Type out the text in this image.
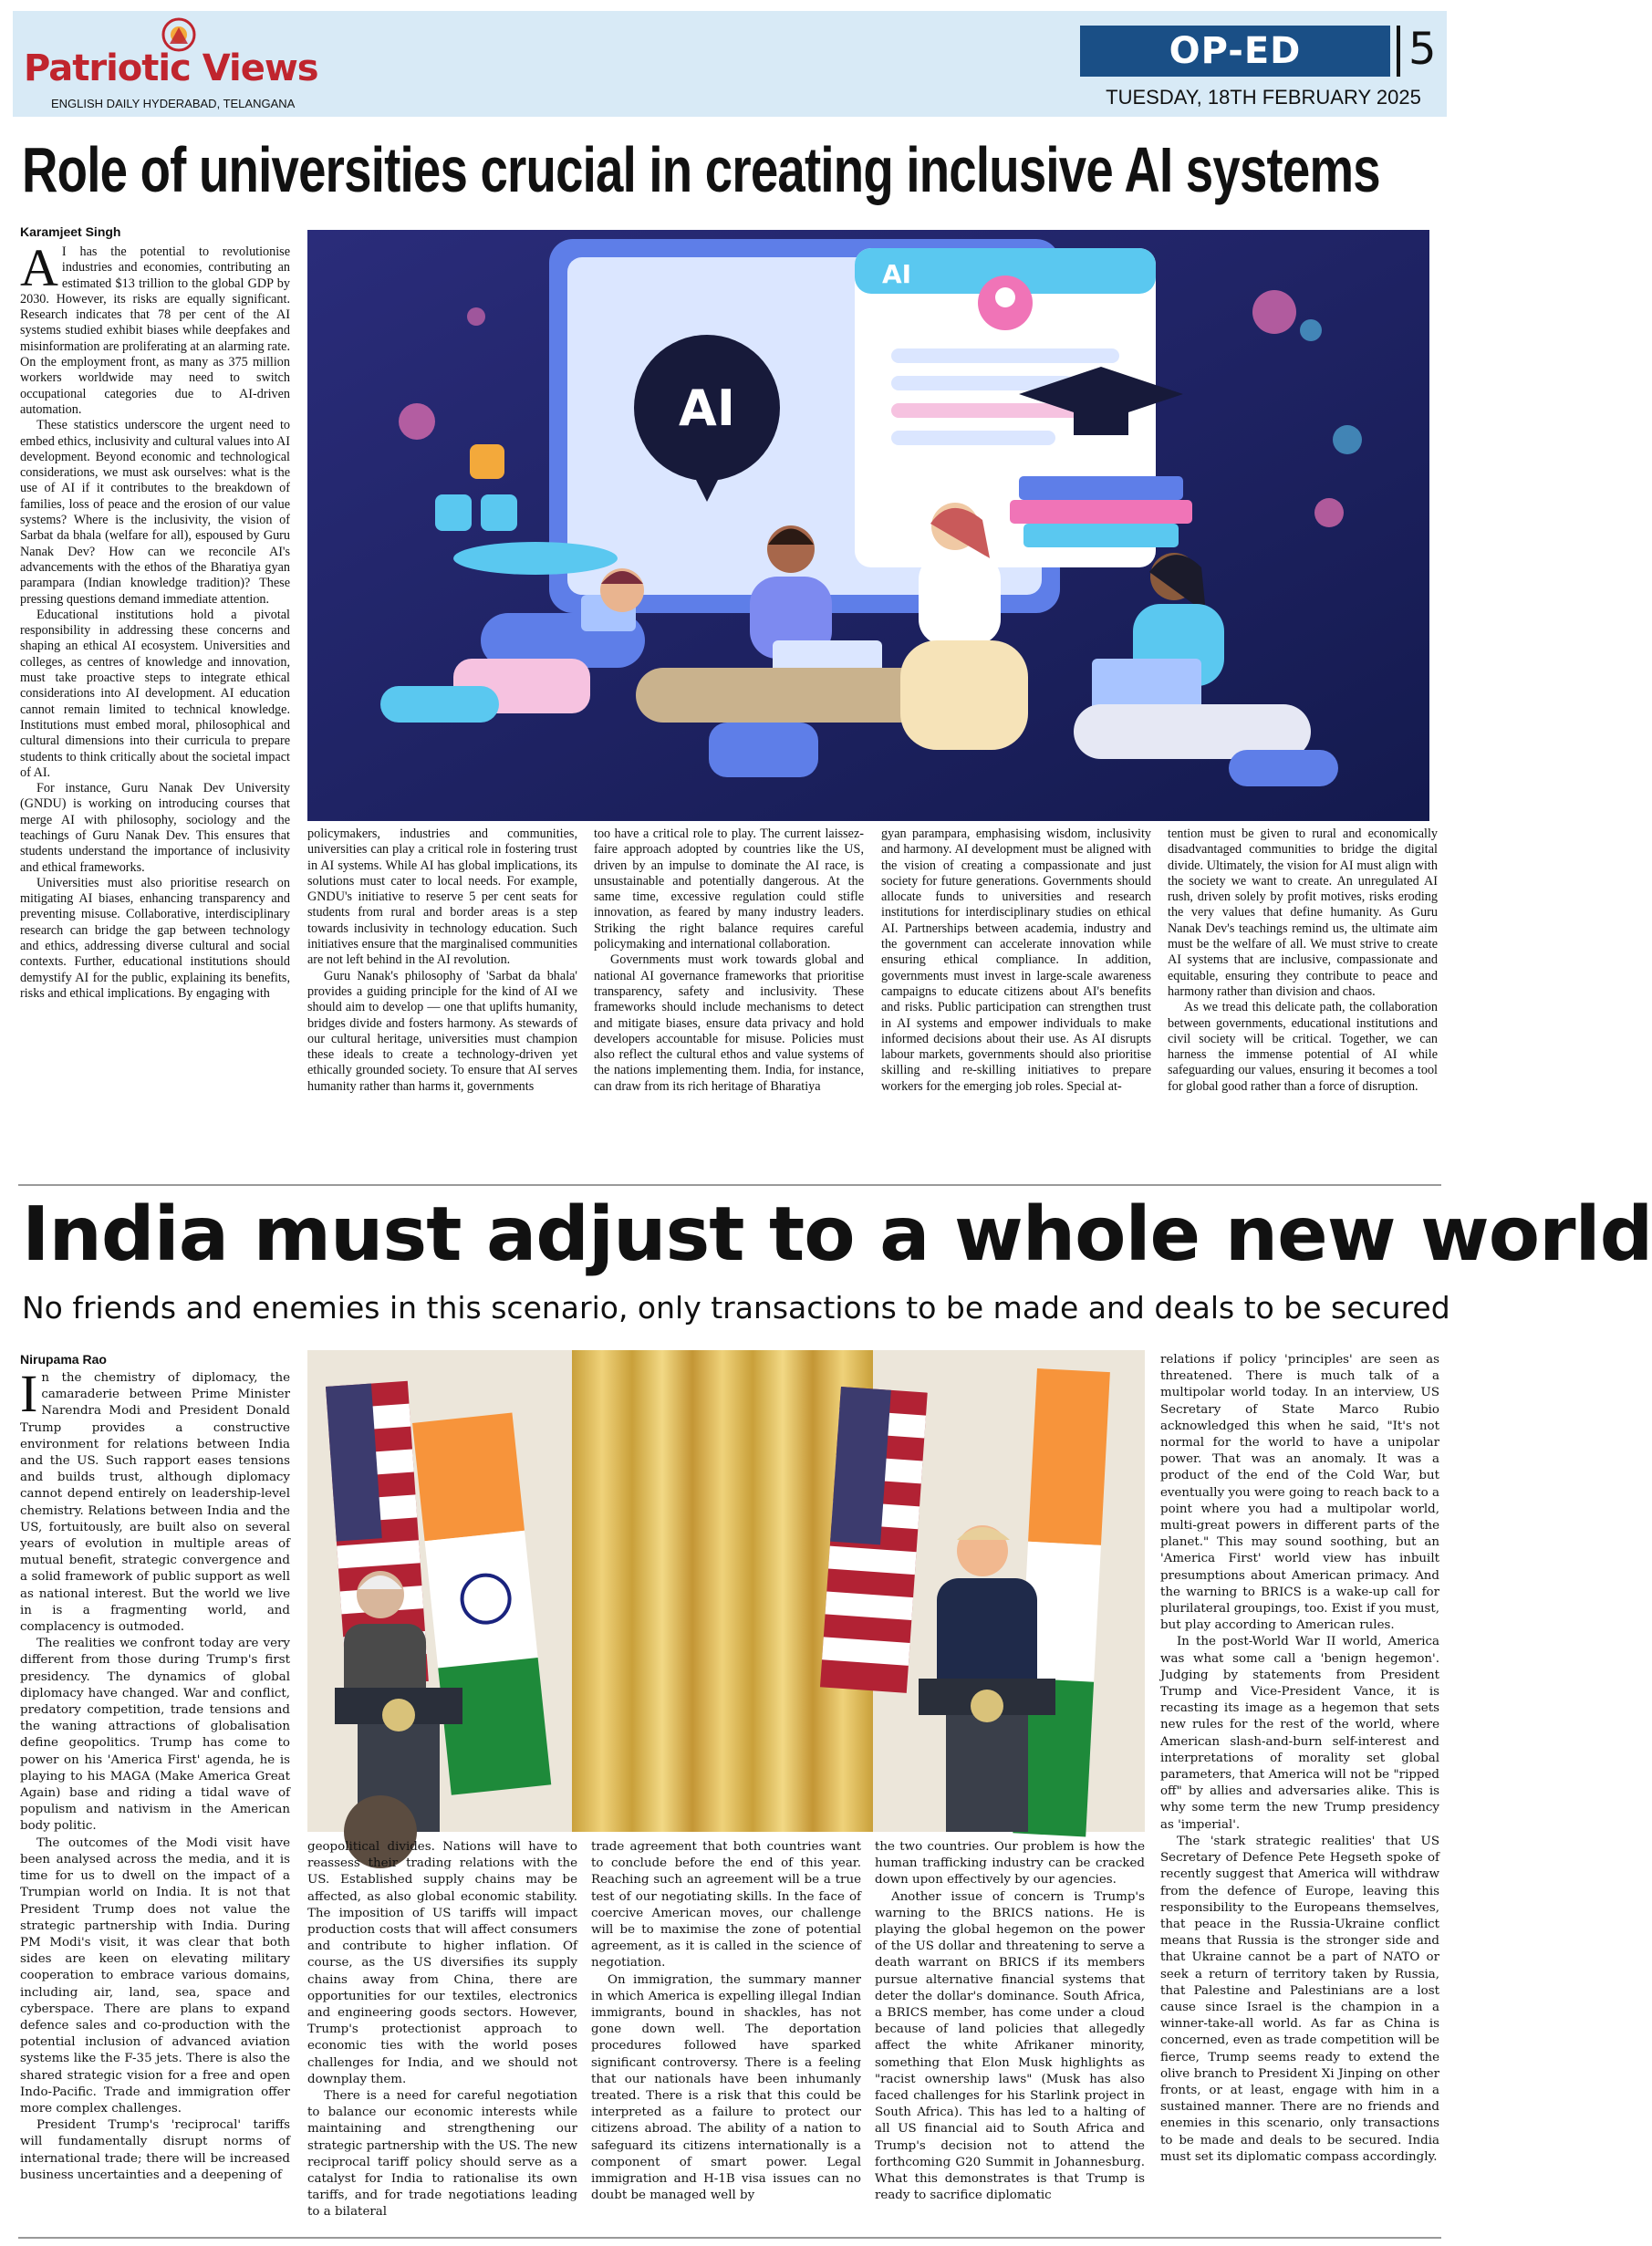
Patriotic Views
ENGLISH DAILY HYDERABAD, TELANGANA
OP-ED	5
TUESDAY, 18TH FEBRUARY 2025
Role of universities crucial in creating inclusive AI systems
Karamjeet Singh
A I has the potential to revolutionise industries and economies, contributing an estimated $13 trillion to the global GDP by 2030. However, its risks are equally significant. Research indicates that 78 per cent of the AI systems studied exhibit biases while deepfakes and misinformation are proliferating at an alarming rate. On the employment front, as many as 375 million workers worldwide may need to switch occupational categories due to AI-driven automation.

These statistics underscore the urgent need to embed ethics, inclusivity and cultural values into AI development. Beyond economic and technological considerations, we must ask ourselves: what is the use of AI if it contributes to the breakdown of families, loss of peace and the erosion of our value systems? Where is the inclusivity, the vision of Sarbat da bhala (welfare for all), espoused by Guru Nanak Dev? How can we reconcile AI's advancements with the ethos of the Bharatiya gyan parampara (Indian knowledge tradition)? These pressing questions demand immediate attention.

Educational institutions hold a pivotal responsibility in addressing these concerns and shaping an ethical AI ecosystem. Universities and colleges, as centres of knowledge and innovation, must take proactive steps to integrate ethical considerations into AI development. AI education cannot remain limited to technical knowledge. Institutions must embed moral, philosophical and cultural dimensions into their curricula to prepare students to think critically about the societal impact of AI.

For instance, Guru Nanak Dev University (GNDU) is working on introducing courses that merge AI with philosophy, sociology and the teachings of Guru Nanak Dev. This ensures that students understand the importance of inclusivity and ethical frameworks.

Universities must also prioritise research on mitigating AI biases, enhancing transparency and preventing misuse. Collaborative, interdisciplinary research can bridge the gap between technology and ethics, addressing diverse cultural and social contexts. Further, educational institutions should demystify AI for the public, explaining its benefits, risks and ethical implications. By engaging with

AI
AI

policymakers, industries and communities, universities can play a critical role in fostering trust in AI systems. While AI has global implications, its solutions must cater to local needs. For example, GNDU's initiative to reserve 5 per cent seats for students from rural and border areas is a step towards inclusivity in technology education. Such initiatives ensure that the marginalised communities are not left behind in the AI revolution.

Guru Nanak's philosophy of 'Sarbat da bhala' provides a guiding principle for the kind of AI we should aim to develop — one that uplifts humanity, bridges divide and fosters harmony. As stewards of our cultural heritage, universities must champion these ideals to create a technology-driven yet ethically grounded society. To ensure that AI serves humanity rather than harms it, governments

too have a critical role to play. The current laissez-faire approach adopted by countries like the US, driven by an impulse to dominate the AI race, is unsustainable and potentially dangerous. At the same time, excessive regulation could stifle innovation, as feared by many industry leaders. Striking the right balance requires careful policymaking and international collaboration.

Governments must work towards global and national AI governance frameworks that prioritise transparency, safety and inclusivity. These frameworks should include mechanisms to detect and mitigate biases, ensure data privacy and hold developers accountable for misuse. Policies must also reflect the cultural ethos and value systems of the nations implementing them. India, for instance, can draw from its rich heritage of Bharatiya

gyan parampara, emphasising wisdom, inclusivity and harmony. AI development must be aligned with the vision of creating a compassionate and just society for future generations. Governments should allocate funds to universities and research institutions for interdisciplinary studies on ethical AI. Partnerships between academia, industry and the government can accelerate innovation while ensuring ethical compliance. In addition, governments must invest in large-scale awareness campaigns to educate citizens about AI's benefits and risks. Public participation can strengthen trust in AI systems and empower individuals to make informed decisions about their use. As AI disrupts labour markets, governments should also prioritise skilling and re-skilling initiatives to prepare workers for the emerging job roles. Special at-

tention must be given to rural and economically disadvantaged communities to bridge the digital divide. Ultimately, the vision for AI must align with the society we want to create. An unregulated AI rush, driven solely by profit motives, risks eroding the very values that define humanity. As Guru Nanak Dev's teachings remind us, the ultimate aim must be the welfare of all. We must strive to create AI systems that are inclusive, compassionate and equitable, ensuring they contribute to peace and harmony rather than division and chaos.

As we tread this delicate path, the collaboration between governments, educational institutions and civil society will be critical. Together, we can harness the immense potential of AI while safeguarding our values, ensuring it becomes a tool for global good rather than a force of disruption.

India must adjust to a whole new world
No friends and enemies in this scenario, only transactions to be made and deals to be secured
Nirupama Rao
I n the chemistry of diplomacy, the camaraderie between Prime Minister Narendra Modi and President Donald Trump provides a constructive environment for relations between India and the US. Such rapport eases tensions and builds trust, although diplomacy cannot depend entirely on leadership-level chemistry. Relations between India and the US, fortuitously, are built also on several years of evolution in multiple areas of mutual benefit, strategic convergence and a solid framework of public support as well as national interest. But the world we live in is a fragmenting world, and complacency is outmoded.

The realities we confront today are very different from those during Trump's first presidency. The dynamics of global diplomacy have changed. War and conflict, predatory competition, trade tensions and the waning attractions of globalisation define geopolitics. Trump has come to power on his 'America First' agenda, he is playing to his MAGA (Make America Great Again) base and riding a tidal wave of populism and nativism in the American body politic.

The outcomes of the Modi visit have been analysed across the media, and it is time for us to dwell on the impact of a Trumpian world on India. It is not that President Trump does not value the strategic partnership with India. During PM Modi's visit, it was clear that both sides are keen on elevating military cooperation to embrace various domains, including air, land, sea, space and cyberspace. There are plans to expand defence sales and co-production with the potential inclusion of advanced aviation systems like the F-35 jets. There is also the shared strategic vision for a free and open Indo-Pacific. Trade and immigration offer more complex challenges.

President Trump's 'reciprocal' tariffs will fundamentally disrupt norms of international trade; there will be increased business uncertainties and a deepening of

geopolitical divides. Nations will have to reassess their trading relations with the US. Established supply chains may be affected, as also global economic stability. The imposition of US tariffs will impact production costs that will affect consumers and contribute to higher inflation. Of course, as the US diversifies its supply chains away from China, there are opportunities for our textiles, electronics and engineering goods sectors. However, Trump's protectionist approach to economic ties with the world poses challenges for India, and we should not downplay them.

There is a need for careful negotiation to balance our economic interests while maintaining and strengthening our strategic partnership with the US. The new reciprocal tariff policy should serve as a catalyst for India to rationalise its own tariffs, and for trade negotiations leading to a bilateral

trade agreement that both countries want to conclude before the end of this year. Reaching such an agreement will be a true test of our negotiating skills. In the face of coercive American moves, our challenge will be to maximise the zone of potential agreement, as it is called in the science of negotiation.

On immigration, the summary manner in which America is expelling illegal Indian immigrants, bound in shackles, has not gone down well. The deportation procedures followed have sparked significant controversy. There is a feeling that our nationals have been inhumanly treated. There is a risk that this could be interpreted as a failure to protect our citizens abroad. The ability of a nation to safeguard its citizens internationally is a component of smart power. Legal immigration and H-1B visa issues can no doubt be managed well by

the two countries. Our problem is how the human trafficking industry can be cracked down upon effectively by our agencies.

Another issue of concern is Trump's warning to the BRICS nations. He is playing the global hegemon on the power of the US dollar and threatening to serve a death warrant on BRICS if its members pursue alternative financial systems that deter the dollar's dominance. South Africa, a BRICS member, has come under a cloud because of land policies that allegedly affect the white Afrikaner minority, something that Elon Musk highlights as "racist ownership laws" (Musk has also faced challenges for his Starlink project in South Africa). This has led to a halting of all US financial aid to South Africa and Trump's decision not to attend the forthcoming G20 Summit in Johannesburg. What this demonstrates is that Trump is ready to sacrifice diplomatic

relations if policy 'principles' are seen as threatened. There is much talk of a multipolar world today. In an interview, US Secretary of State Marco Rubio acknowledged this when he said, "It's not normal for the world to have a unipolar power. That was an anomaly. It was a product of the end of the Cold War, but eventually you were going to reach back to a point where you had a multipolar world, multi-great powers in different parts of the planet." This may sound soothing, but an 'America First' world view has inbuilt presumptions about American primacy. And the warning to BRICS is a wake-up call for plurilateral groupings, too. Exist if you must, but play according to American rules.

In the post-World War II world, America was what some call a 'benign hegemon'. Judging by statements from President Trump and Vice-President Vance, it is recasting its image as a hegemon that sets new rules for the rest of the world, where American slash-and-burn self-interest and interpretations of morality set global parameters, that America will not be "ripped off" by allies and adversaries alike. This is why some term the new Trump presidency as 'imperial'.

The 'stark strategic realities' that US Secretary of Defence Pete Hegseth spoke of recently suggest that America will withdraw from the defence of Europe, leaving this responsibility to the Europeans themselves, that peace in the Russia-Ukraine conflict means that Russia is the stronger side and that Ukraine cannot be a part of NATO or seek a return of territory taken by Russia, that Palestine and Palestinians are a lost cause since Israel is the champion in a winner-take-all world. As far as China is concerned, even as trade competition will be fierce, Trump seems ready to extend the olive branch to President Xi Jinping on other fronts, or at least, engage with him in a sustained manner. There are no friends and enemies in this scenario, only transactions to be made and deals to be secured. India must set its diplomatic compass accordingly.
